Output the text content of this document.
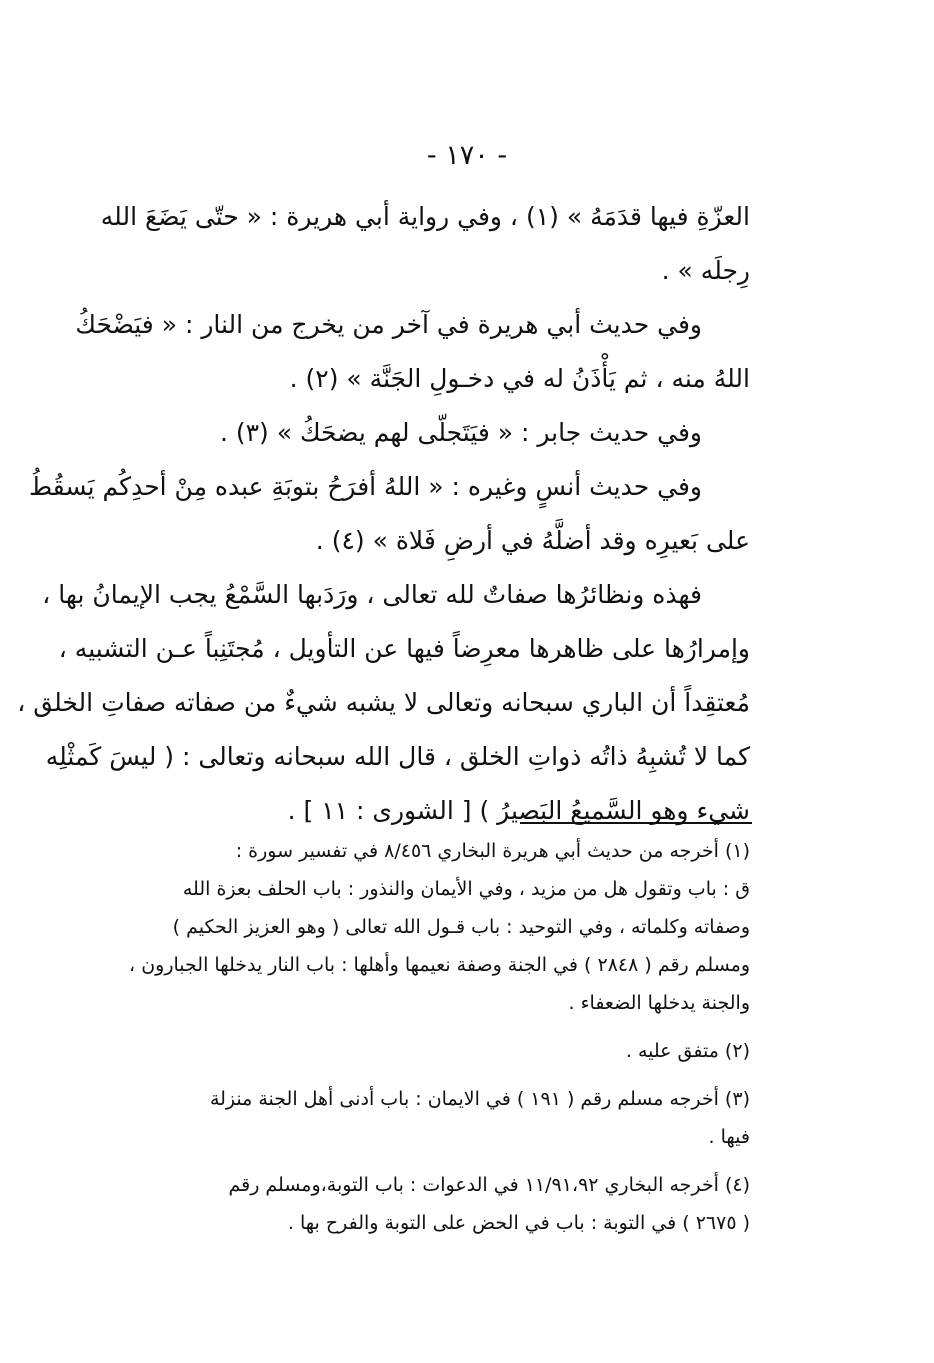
- ١٧٠ -
العزّةِ فيها قدَمَهُ » (١) ، وفي رواية أبي هريرة : « حتّى يَضَعَ الله
رِجلَه » .
وفي حديث أبي هريرة في آخر من يخرج من النار : « فيَضْحَكُ
اللهُ منه ، ثم يَأْذَنُ له في دخـولِ الجَنَّة » (٢) .
وفي حديث جابر : « فيَتَجلّى لهم يضحَكُ » (٣) .
وفي حديث أنسٍ وغيره : « اللهُ أفرَحُ بتوبَةِ عبده مِنْ أحدِكُم يَسقُطُ
على بَعيرِه وقد أضلَّهُ في أرضِ فَلاة » (٤) .
فهذه ونظائرُها صفاتٌ لله تعالى ، ورَدَبها السَّمْعُ يجب الإيمانُ بها ،
وإمرارُها على ظاهرها معرِضاً فيها عن التأويل ، مُجتَنِباً عـن التشبيه ،
مُعتقِداً أن الباري سبحانه وتعالى لا يشبه شيءٌ من صفاته صفاتِ الخلق ،
كما لا تُشبِهُ ذاتُه ذواتِ الخلق ، قال الله سبحانه وتعالى : ( ليسَ كَمثْلِه
شيء وهو السَّميعُ البَصيرُ ) [ الشورى : ١١ ] .
(١) أخرجه من حديث أبي هريرة البخاري ٨/٤٥٦ في تفسير سورة :
ق : باب وتقول هل من مزيد ، وفي الأيمان والنذور : باب الحلف بعزة الله
وصفاته وكلماته ، وفي التوحيد : باب قـول الله تعالى ( وهو العزيز الحكيم )
ومسلم رقم ( ٢٨٤٨ ) في الجنة وصفة نعيمها وأهلها : باب النار يدخلها الجبارون ،
والجنة يدخلها الضعفاء .
(٢) متفق عليه .
(٣) أخرجه مسلم رقم ( ١٩١ ) في الايمان : باب أدنى أهل الجنة منزلة
فيها .
(٤) أخرجه البخاري ١١/٩١،٩٢ في الدعوات : باب التوبة،ومسلم رقم
( ٢٦٧٥ ) في التوبة : باب في الحض على التوبة والفرح بها .
